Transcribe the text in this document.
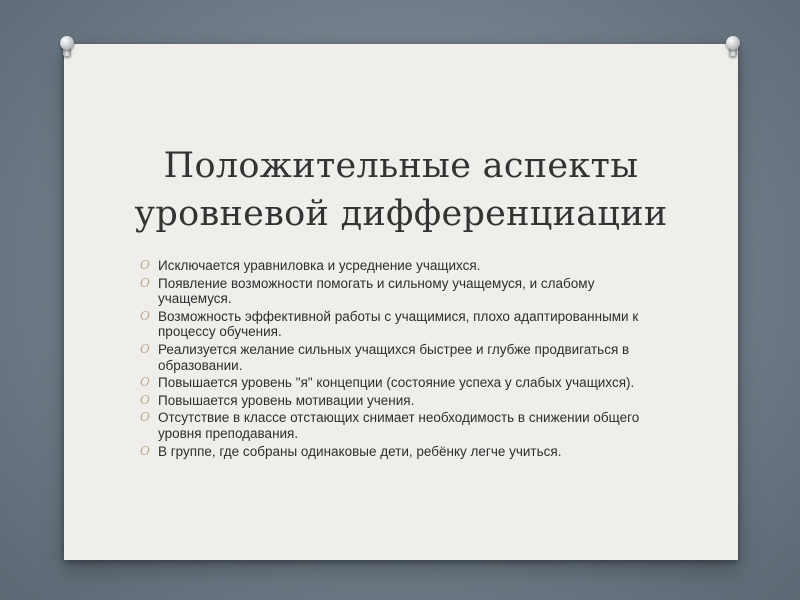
Положительные аспекты
уровневой дифференциации
O Исключается уравниловка и усреднение учащихся.
O Появление возможности помогать и сильному учащемуся, и слабому учащемуся.
O Возможность эффективной работы с учащимися, плохо адаптированными к процессу обучения.
O Реализуется желание сильных учащихся быстрее и глубже продвигаться в образовании.
O Повышается уровень "я" концепции (состояние успеха у слабых учащихся).
O Повышается уровень мотивации учения.
O Отсутствие в классе отстающих снимает необходимость в снижении общего уровня преподавания.
O В группе, где собраны одинаковые дети, ребёнку легче учиться.
